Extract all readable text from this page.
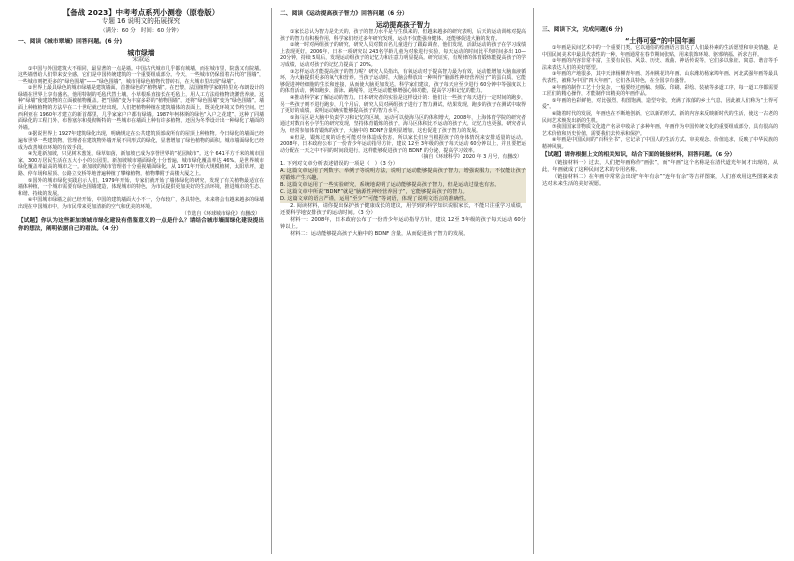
【备战 2023】中考考点系列小测卷（原卷版）
专题 16 说明文的拓展探究
（满分：60 分　时间：60 分钟）
一、阅读《城市翠墙》回答问题。(6 分)
城市绿墙
宋淑运
①中国与外国建筑大不相同，最显著的一点是墙。中国古代城市几乎都有城墙，而在城市里，院落又有院墙。这些墙曾给人们带来安全感，它们是中国传统建筑的一个重要组成部分。今天，一些城市仍保留着古代的“围墙”，一些城市则把更多的“绿色围墙”——“绿色围墙”，城市用绿色植物代替砖石，在大城市里出现“绿墙”。
②世界上最具绿色的城市绿墙是建筑墙面。首推绿色的“植物墙”。在巴黎，法国植物学家帕特里克·布朗设计的绿墙在世界上享有盛名。他用特制的毛毡代替土壤，小草根系直接长在毛毡上，用人工方法给植物浇灌营养液。这种“绿墙”使建筑物的立面被植物覆盖。把“围墙”变为丰富多彩的“植物围墙”，还将“绿色围墙”变为“绿色围墙”。墙面上种植植物的方法早在二十世纪就已经出现。人们把植物种植在建筑墙体的表面上，既美化环境又节约空间。巴西利亚在 1960年才建立的新首都里，几乎家家户户都有绿墙。1987年柯林斯的绿色“入户之花建”，这种了同墙面绿化的工程门外，布鲁塞尔和曼彻斯特的一些城市在墙面上种有许多植物，还因为冬季设计出一种绿化了墙面的外墙。
③据说世界上 1927年建筑绿化出现，明确规定在公共建筑顶部或所有的屋顶上种植物。今日绿化的墙面已经遍布世界一些建筑物，管理者在建筑物外墙开展不同形式的绿化，显著增加了绿色植物的面积。城市墙面绿化已经成为改善城市环境的有效手段。
④先进新加坡，只见树木葱茏，绿草如茵，新加坡已成为享誉世界的“花园城市”。这个 641平方千米的城市国家，300万居民生活在五大小小的公园里。新加坡城市墙面绿化十分普遍，城市绿化覆盖率达 46%，是世界城市绿化覆盖率最高的城市之一。新加坡的城市管理者十分重视墙面绿化，从 1971年开始大规模植树，太阳草坪，道路、停车场和屋顶、公路立交桥等地普遍种植了攀缘植物，植物攀附于高楼大厦之上。
⑤国外的城市绿化实践启示人们，1979年开始，专家们就开始了墙体绿化的研究，发现了有关植物最适宜在墙体种植，一个城市需要有绿色围墙建造，体现城市的特色，为市民提供更加美好的生活环境，推进城市的生态、和谐、持续的发展。
⑥中国城市绿墙之前已经开始，中国的建筑墙面大小不一，分布较广，各具特色，未来将会有越来越多的绿墙出现在中国城市中，为市民带来更加清新的空气和优美的环境。
（节选自《环球城市绿化》有删改）
【试题】你认为这些新加坡城市绿化建设有借鉴意义的一点是什么？请结合城市墙面绿化建设提出你的想法，阐明依据自己的看法。（4 分）
二、阅读《运动提高孩子智力》回答问题（6 分）
运动提高孩子智力
①家长总认为智力是先天的，孩子的智力水平是与生俱来的，但越来越多的研究表明，后天的运动训练对提高孩子的智力有积极作用，科学家们经过多年研究发现，运动不仅能强身健体，还能够促进大脑的发育。
②统一时对两组孩子的研究，研究人员对数百名儿童进行了跟踪调查，他们发现，活跃运动的孩子在学习成绩上表现更好。2006年，日本一项研究以 243名学龄儿童为对象进行实验，每天运动的时间比平均时间多出 10—20分钟，持续 5周后，发现运动组孩子的记忆力和注意力明显提高。研究证实，有规律的体育锻炼能提高孩子的学习成绩，运动对孩子的记忆力提高了 20%。
③怎样运动才能提高孩子的智力呢？研究人员指出，有氧运动对于提高智力最为有效，运动能增加大脑血液循环，为大脑提供更多的氧气和营养。当孩子运动时，大脑会释放出一种叫作“脑源性神经营养因子”的蛋白质，它能够促进神经细胞的生长和连接，从而使大脑更加发达。科学家们建议，孩子每天应至少进行 60分钟中等强度以上的体育活动，例如跑步、游泳、跳绳等，这些运动能够增强心肺功能，提高学习和记忆的能力。
④推动科学家了解运动的智力。日本研究者的实验是这样设计的：他们让一些孩子每天进行一定时间的跑步，另一些孩子则不进行跑步，几个月后，研究人员对两组孩子进行了智力测试，结果发现，跑步的孩子在测试中取得了更好的成绩，说明运动确实能够提高孩子的智力水平。
⑤海马区是大脑中负责学习和记忆的区域，运动可以使海马区的体积增大，2008年，上海体育学院的研究者通过对数百名小学生的研究发现，坚持体育锻炼的孩子，海马区体积比不运动的孩子大，记忆力也更强。研究者认为，经常参加体育锻炼的孩子，大脑中的 BDNF含量明显增加，这也促进了孩子智力的发展。
⑥但是，锻炼过度的话也可能对身体造成伤害，所以家长们应当根据孩子的身体情况来安排适量的运动。2008年，日本政府公布了一份青少年运动指导方针，建议 12至 3年级的孩子每天运动 60分钟以上，并且要把运动分配在一天之中不同的时间段进行，这样能够促进孩子的 BDNF 的分泌，提高学习效率。
（摘自《环球科学》2020 年 3 月号，有删改）
1. 下列对文章分析表述错误的一项是（　）（3 分）
A. 这篇文章运用了列数字、举例子等说明方法，说明了运动能够提高孩子智力，增强说服力，不仅能让孩子对锻炼产生兴趣。
B. 这篇文章运用了一些实验研究，系统地说明了运动能够提高孩子智力，但是运动过量也有害。
C. 这篇文章中所说“BDNF”就是“脑源性神经营养因子”，它能够提高孩子的智力。
D. 这篇文章的语言严谨，运用“至少”“可能”等词语，体现了说明文语言的准确性。
2. 阅读材料，请你提出保护孩子健康成长的建议，用学到的科学知识说服家长，不能只注重学习成绩，还要科学地安排孩子的运动时间。（3 分）
材料一：2008年，日本政府公布了一份青少年运动指导方针，建议 12至 3年级的孩子每天运动 60分钟以上。
材料二：运动能够提高孩子大脑中的 BDNF 含量，从而促进孩子智力的发展。
三、阅读下文，完成问题(6 分)
“土得可爱”的中国年画
①年画是民间艺术中的一个重要门类，它以通俗的绘画语言表达了人们最朴素的生活愿望和审美情趣，是中国民间美术中最具代表性的一种。年画通常在春节期间张贴，用来装饰环境、驱邪纳福、祈求吉祥。
②年画的内容非常丰富，主要有民俗、风景、历史、戏曲、神话传说等，它们多以象征、寓意、谐音等手法来表达人们的美好愿望。
③年画的产地很多，其中天津杨柳青年画、苏州桃花坞年画、山东潍坊杨家埠年画、河北武强年画等最具代表性，被称为中国“四大年画”，它们各具特色，在全国享有盛誉。
④年画的制作工艺十分复杂，一般要经过画稿、刻版、印刷、彩绘、装裱等多道工序，每一道工序都需要工匠们的精心操作，才能制作出精美的年画作品。
⑤年画的色彩鲜艳，对比强烈，构图饱满，造型夸张，充满了浓郁的乡土气息，因此被人们称为“土得可爱”。
⑥随着时代的发展，年画也在不断地创新，它以新的形式、新的内容来反映新时代的生活，使这一古老的民间艺术焕发出新的生机。
⑦我国国家非物质文化遗产名录中收录了多种年画，年画作为中国传统文化的重要组成部分，具有很高的艺术价值和历史价值，需要我们去传承和保护。
⑧年画是中国民间的“百科全书”，它记录了中国人的生活方式、审美观念、价值追求，反映了中华民族的精神风貌。
【试题】请你根据上文的相关知识，结合下面的链接材料，回答问题。（6 分）
（链接材料一）过去，人们把年画称作“画张”，而“年画”这个名称是在清代道光年间才出现的，从此，年画就成了这种民间艺术的专用名称。
（链接材料二）在年画中常常会出现“年年有余”“连年有余”等吉祥图案，人们喜欢用这些图案来表达对未来生活的美好祝愿。
